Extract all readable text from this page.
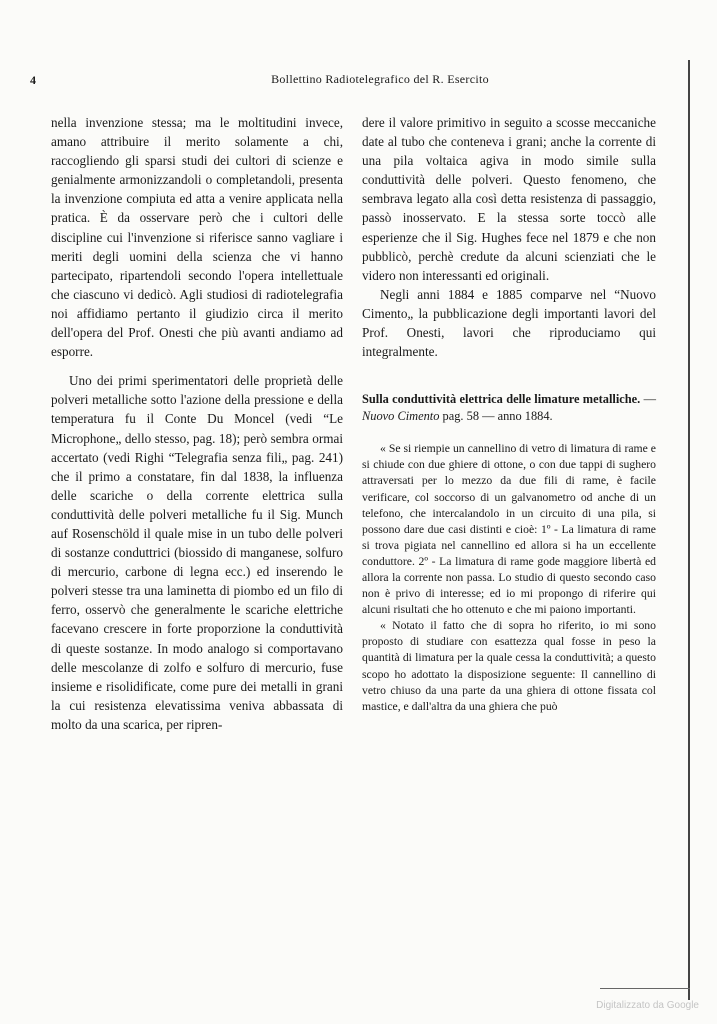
4	Bollettino Radiotelegrafico del R. Esercito

nella invenzione stessa; ma le moltitudini invece, amano attribuire il merito solamente a chi, raccogliendo gli sparsi studi dei cultori di scienze e genialmente armonizzandoli o completandoli, presenta la invenzione compiuta ed atta a venire applicata nella pratica. È da osservare però che i cultori delle discipline cui l'invenzione si riferisce sanno vagliare i meriti degli uomini della scienza che vi hanno partecipato, ripartendoli secondo l'opera intellettuale che ciascuno vi dedicò. Agli studiosi di radiotelegrafia noi affidiamo pertanto il giudizio circa il merito dell'opera del Prof. Onesti che più avanti andiamo ad esporre.

Uno dei primi sperimentatori delle proprietà delle polveri metalliche sotto l'azione della pressione e della temperatura fu il Conte Du Moncel (vedi “Le Microphone„ dello stesso, pag. 18); però sembra ormai accertato (vedi Righi “Telegrafia senza fili„ pag. 241) che il primo a constatare, fin dal 1838, la influenza delle scariche o della corrente elettrica sulla conduttività delle polveri metalliche fu il Sig. Munch auf Rosenschöld il quale mise in un tubo delle polveri di sostanze conduttrici (biossido di manganese, solfuro di mercurio, carbone di legna ecc.) ed inserendo le polveri stesse tra una laminetta di piombo ed un filo di ferro, osservò che generalmente le scariche elettriche facevano crescere in forte proporzione la conduttività di queste sostanze. In modo analogo si comportavano delle mescolanze di zolfo e solfuro di mercurio, fuse insieme e risolidificate, come pure dei metalli in grani la cui resistenza elevatissima veniva abbassata di molto da una scarica, per ripren-

dere il valore primitivo in seguito a scosse meccaniche date al tubo che conteneva i grani; anche la corrente di una pila voltaica agiva in modo simile sulla conduttività delle polveri. Questo fenomeno, che sembrava legato alla così detta resistenza di passaggio, passò inosservato. E la stessa sorte toccò alle esperienze che il Sig. Hughes fece nel 1879 e che non pubblicò, perchè credute da alcuni scienziati che le videro non interessanti ed originali.

Negli anni 1884 e 1885 comparve nel “Nuovo Cimento„ la pubblicazione degli importanti lavori del Prof. Onesti, lavori che riproduciamo qui integralmente.

Sulla conduttività elettrica delle limature metalliche. — Nuovo Cimento pag. 58 — anno 1884.

« Se si riempie un cannellino di vetro di limatura di rame e si chiude con due ghiere di ottone, o con due tappi di sughero attraversati per lo mezzo da due fili di rame, è facile verificare, col soccorso di un galvanometro od anche di un telefono, che intercalandolo in un circuito di una pila, si possono dare due casi distinti e cioè: 1º - La limatura di rame si trova pigiata nel cannellino ed allora si ha un eccellente conduttore. 2º - La limatura di rame gode maggiore libertà ed allora la corrente non passa. Lo studio di questo secondo caso non è privo di interesse; ed io mi propongo di riferire qui alcuni risultati che ho ottenuto e che mi paiono importanti.

« Notato il fatto che di sopra ho riferito, io mi sono proposto di studiare con esattezza qual fosse in peso la quantità di limatura per la quale cessa la conduttività; a questo scopo ho adottato la disposizione seguente: Il cannellino di vetro chiuso da una parte da una ghiera di ottone fissata col mastice, e dall'altra da una ghiera che può

Digitalizzato da Google
